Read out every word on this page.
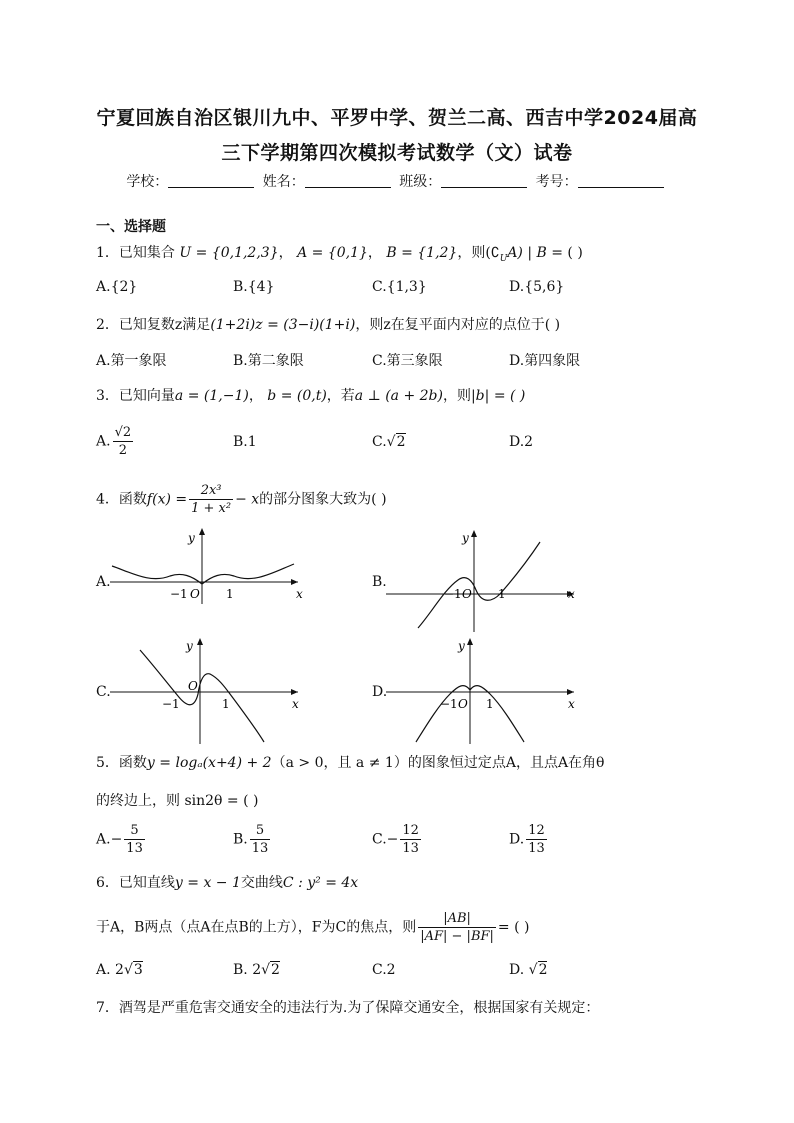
宁夏回族自治区银川九中、平罗中学、贺兰二高、西吉中学2024届高
三下学期第四次模拟考试数学（文）试卷
学校：	姓名：	班级：	考号：
一、选择题
1．已知集合 U = {0,1,2,3}， A = {0,1}， B = {1,2}，则$(∁_UA)$ | B = ( )
A.{2}	B.{4}	C.{1,3}	D.{5,6}
2．已知复数z满足(1+2i)z = (3−i)(1+i)，则z在复平面内对应的点位于( )
A.第一象限	B.第二象限	C.第三象限	D.第四象限
3．已知向量a = (1,−1)， b = (0,t)，若a ⊥ (a + 2b)，则|b| = ( )
A. $\frac{√2}{2}$	B.1	C.√2	D.2
4．函数$f(x) = \frac{\text{2x³}}{\text{1 + x²}} - x$的部分图象大致为( )
A.
y
x
O
−1	1
B.
y
x
O
−1	1
C.
y
x
O
−1	1
D.
y
x
O
−1 1
5．函数y = logₐ(x+4) + 2（a > 0，且 a ≠ 1）的图象恒过定点A，且点A在角θ
的终边上，则 sin2θ = ( )
$A.- \frac{5}{13}$	B. $\frac{5}{13}$	$C.- \frac{12}{13}$	D. $\frac{12}{13}$
6．已知直线y = x − 1交曲线C : y² = 4x
于A，B两点（点A在点B的上方），F为C的焦点，则 $\frac{|AB|}{|AF| - |BF|}$ = ( )
A. 2√3	B. 2√2	C.2	D. √2
7．酒驾是严重危害交通安全的违法行为.为了保障交通安全，根据国家有关规定：
